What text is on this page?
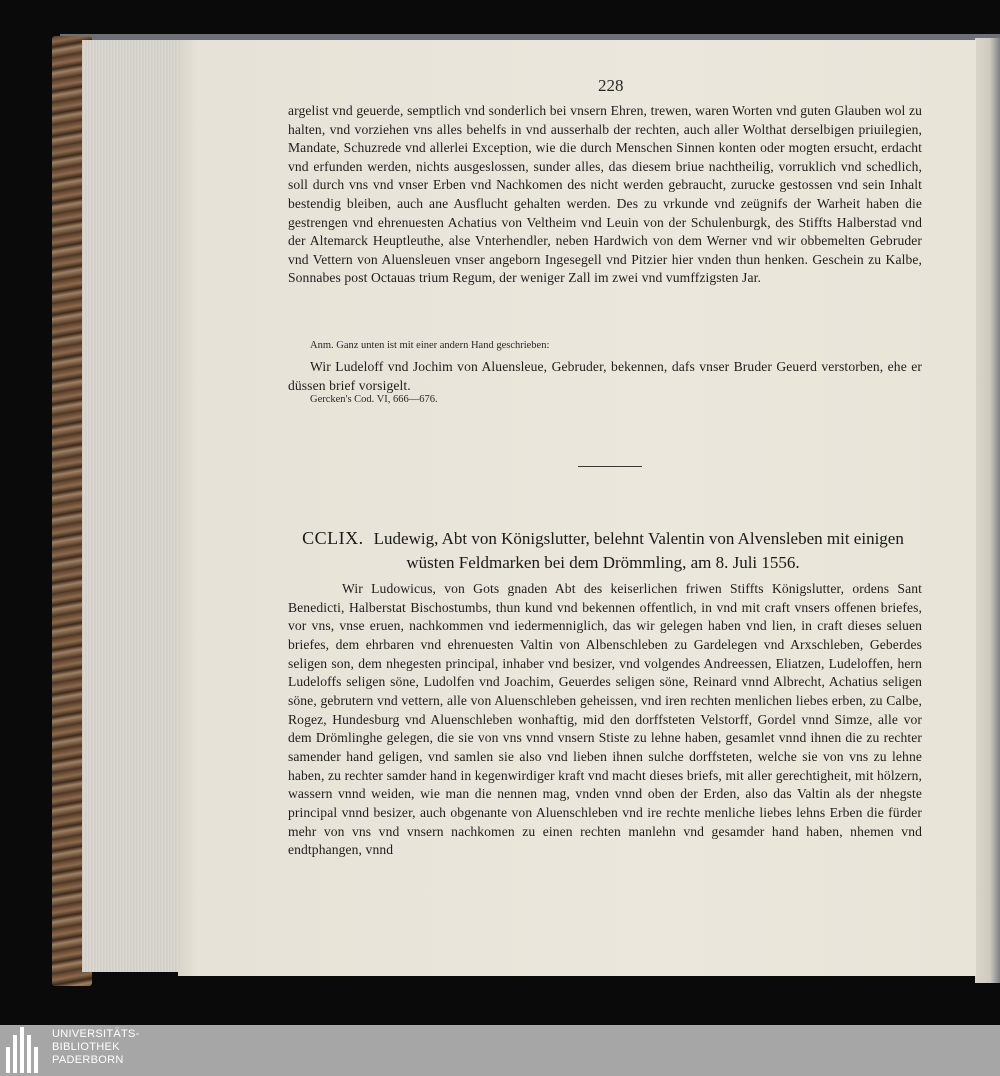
228

argelist vnd geuerde, semptlich vnd sonderlich bei vnsern Ehren, trewen, waren Worten vnd guten Glauben wol zu halten, vnd vorziehen vns alles behelfs in vnd ausserhalb der rechten, auch aller Wolthat derselbigen priuilegien, Mandate, Schuzrede vnd allerlei Exception, wie die durch Menschen Sinnen konten oder mogten ersucht, erdacht vnd erfunden werden, nichts ausgeslossen, sunder alles, das diesem briue nachtheilig, vorruklich vnd schedlich, soll durch vns vnd vnser Erben vnd Nachkomen des nicht werden gebraucht, zurucke gestossen vnd sein Inhalt bestendig bleiben, auch ane Ausflucht gehalten werden. Des zu vrkunde vnd zeügnifs der Warheit haben die gestrengen vnd ehrenuesten Achatius von Veltheim vnd Leuin von der Schulenburgk, des Stiffts Halberstad vnd der Altemarck Heuptleuthe, alse Vnterhendler, neben Hardwich von dem Werner vnd wir obbemelten Gebruder vnd Vettern von Aluensleuen vnser angeborn Ingesegell vnd Pitzier hier vnden thun henken. Geschein zu Kalbe, Sonnabes post Octauas trium Regum, der weniger Zall im zwei vnd vumffzigsten Jar.

Anm. Ganz unten ist mit einer andern Hand geschrieben:

Wir Ludeloff vnd Jochim von Aluensleue, Gebruder, bekennen, dafs vnser Bruder Geuerd verstorben, ehe er düssen brief vorsigelt.

Gercken's Cod. VI, 666—676.
CCLIX. Ludewig, Abt von Königslutter, belehnt Valentin von Alvensleben mit einigen wüsten Feldmarken bei dem Drömmling, am 8. Juli 1556.

Wir Ludowicus, von Gots gnaden Abt des keiserlichen friwen Stiffts Königslutter, ordens Sant Benedicti, Halberstat Bischostumbs, thun kund vnd bekennen offentlich, in vnd mit craft vnsers offenen briefes, vor vns, vnse eruen, nachkommen vnd iedermenniglich, das wir gelegen haben vnd lien, in craft dieses seluen briefes, dem ehrbaren vnd ehrenuesten Valtin von Albenschleben zu Gardelegen vnd Arxschleben, Geberdes seligen son, dem nhegesten principal, inhaber vnd besizer, vnd volgendes Andreessen, Eliatzen, Ludeloffen, hern Ludeloffs seligen söne, Ludolfen vnd Joachim, Geuerdes seligen söne, Reinard vnnd Albrecht, Achatius seligen söne, gebrutern vnd vettern, alle von Aluenschleben geheissen, vnd iren rechten menlichen liebes erben, zu Calbe, Rogez, Hundesburg vnd Aluenschleben wonhaftig, mid den dorffsteten Velstorff, Gordel vnnd Simze, alle vor dem Drömlinghe gelegen, die sie von vns vnnd vnsern Stiste zu lehne haben, gesamlet vnnd ihnen die zu rechter samender hand geligen, vnd samlen sie also vnd lieben ihnen sulche dorffsteten, welche sie von vns zu lehne haben, zu rechter samder hand in kegenwirdiger kraft vnd macht dieses briefs, mit aller gerechtigheit, mit hölzern, wassern vnnd weiden, wie man die nennen mag, vnden vnnd oben der Erden, also das Valtin als der nhegste principal vnnd besizer, auch obgenante von Aluenschleben vnd ire rechte menliche liebes lehns Erben die fürder mehr von vns vnd vnsern nachkomen zu einen rechten manlehn vnd gesamder hand haben, nhemen vnd endtphangen, vnnd

UNIVERSITÄTS-
BIBLIOTHEK
PADERBORN
